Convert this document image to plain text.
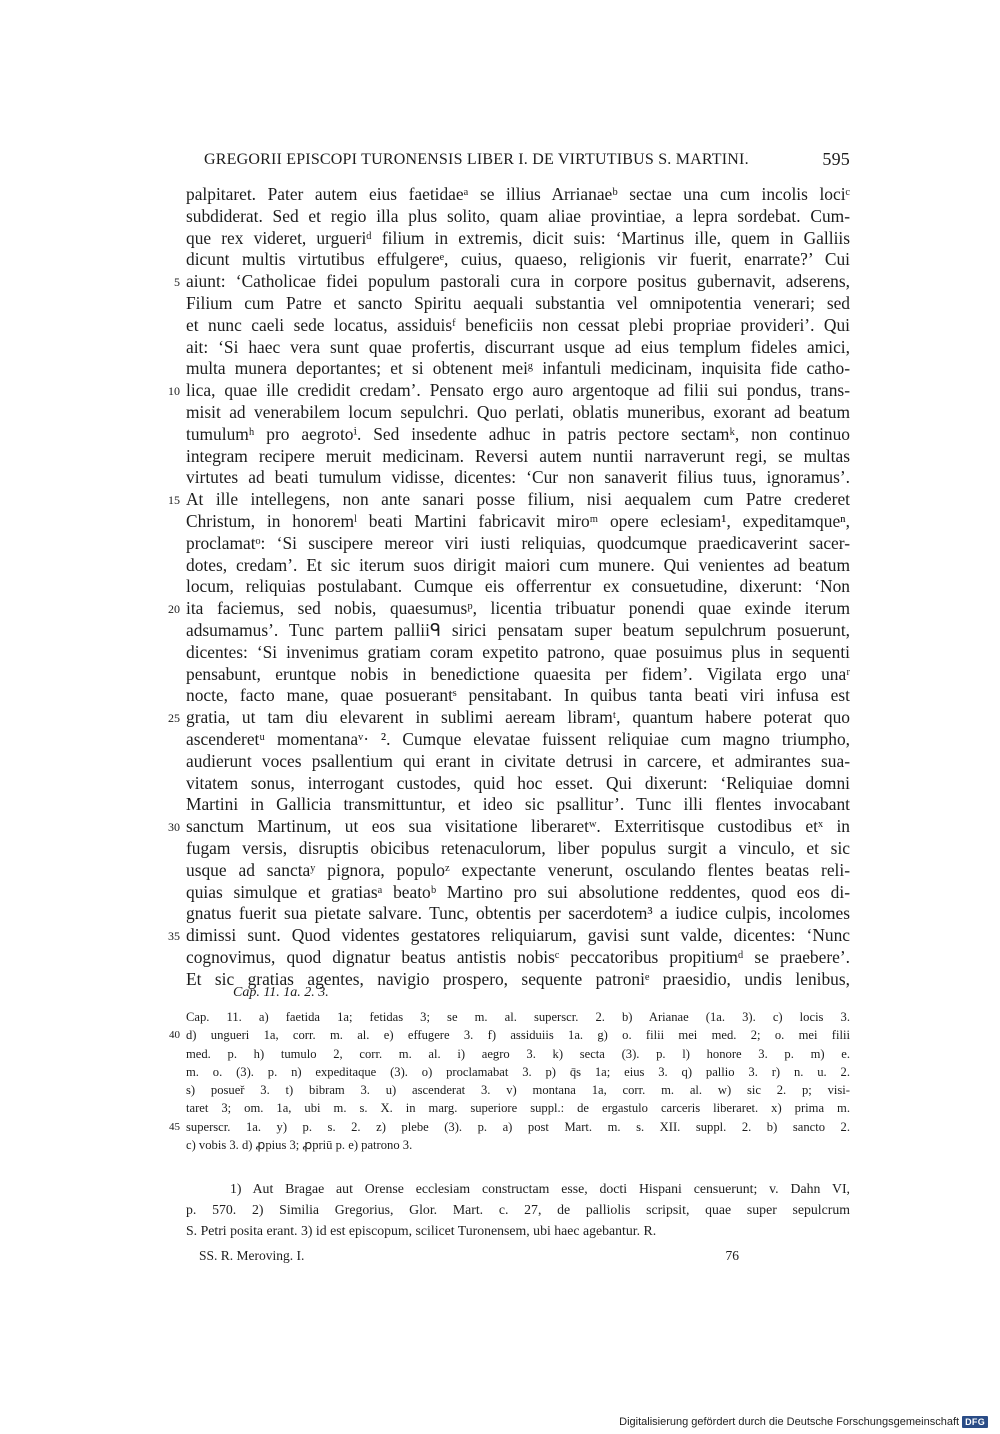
GREGORII EPISCOPI TURONENSIS LIBER I. DE VIRTUTIBUS S. MARTINI.	595
palpitaret. Pater autem eius faetidaeᵃ se illius Arrianaeᵇ sectae una cum incolis lociᶜ
subdiderat. Sed et regio illa plus solito, quam aliae provintiae, a lepra sordebat. Cum-
que rex videret, urgueriᵈ filium in extremis, dicit suis: ‘Martinus ille, quem in Galliis
dicunt multis virtutibus effulgereᵉ, cuius, quaeso, religionis vir fuerit, enarrate?’ Cui
5 aiunt: ‘Catholicae fidei populum pastorali cura in corpore positus gubernavit, adserens,
Filium cum Patre et sancto Spiritu aequali substantia vel omnipotentia venerari; sed
et nunc caeli sede locatus, assiduisᶠ beneficiis non cessat plebi propriae provideri’. Qui
ait: ‘Si haec vera sunt quae profertis, discurrant usque ad eius templum fideles amici,
multa munera deportantes; et si obtenent meiᵍ infantuli medicinam, inquisita fide catho-
10 lica, quae ille credidit credam’. Pensato ergo auro argentoque ad filii sui pondus, trans-
misit ad venerabilem locum sepulchri. Quo perlati, oblatis muneribus, exorant ad beatum
tumulumʰ pro aegrotoⁱ. Sed insedente adhuc in patris pectore sectamᵏ, non continuo
integram recipere meruit medicinam. Reversi autem nuntii narraverunt regi, se multas
virtutes ad beati tumulum vidisse, dicentes: ‘Cur non sanaverit filius tuus, ignoramus’.
15 At ille intellegens, non ante sanari posse filium, nisi aequalem cum Patre crederet
Christum, in honoremˡ beati Martini fabricavit miroᵐ opere eclesiam¹, expeditamqueⁿ,
proclamatᵒ: ‘Si suscipere mereor viri iusti reliquias, quodcumque praedicaverint sacer-
dotes, credam’. Et sic iterum suos dirigit maiori cum munere. Qui venientes ad beatum
locum, reliquias postulabant. Cumque eis offerrentur ex consuetudine, dixerunt: ‘Non
20 ita faciemus, sed nobis, quaesumusᵖ, licentia tribuatur ponendi quae exinde iterum
adsumamus’. Tunc partem palliiᑫ sirici pensatam super beatum sepulchrum posuerunt,
dicentes: ‘Si invenimus gratiam coram expetito patrono, quae posuimus plus in sequenti
pensabunt, eruntque nobis in benedictione quaesita per fidem’. Vigilata ergo unaʳ
nocte, facto mane, quae posuerantˢ pensitabant. In quibus tanta beati viri infusa est
25 gratia, ut tam diu elevarent in sublimi aeream libramᵗ, quantum habere poterat quo
ascenderetᵘ momentanaᵛ· ². Cumque elevatae fuissent reliquiae cum magno triumpho,
audierunt voces psallentium qui erant in civitate detrusi in carcere, et admirantes sua-
vitatem sonus, interrogant custodes, quid hoc esset. Qui dixerunt: ‘Reliquiae domni
Martini in Gallicia transmittuntur, et ideo sic psallitur’. Tunc illi flentes invocabant
30 sanctum Martinum, ut eos sua visitatione liberaretʷ. Exterritisque custodibus etˣ in
fugam versis, disruptis obicibus retenaculorum, liber populus surgit a vinculo, et sic
usque ad sanctaʸ pignora, populoᶻ expectante venerunt, osculando flentes beatas reli-
quias simulque et gratiasᵃ beatoᵇ Martino pro sui absolutione reddentes, quod eos di-
gnatus fuerit sua pietate salvare. Tunc, obtentis per sacerdotem³ a iudice culpis, incolomes
35 dimissi sunt. Quod videntes gestatores reliquiarum, gavisi sunt valde, dicentes: ‘Nunc
cognovimus, quod dignatur beatus antistis nobisᶜ peccatoribus propitiumᵈ se praebere’.
Et sic gratias agentes, navigio prospero, sequente patroniᵉ praesidio, undis lenibus,
Cap. 11. 1a. 2. 3.
Cap. 11. a) faetida 1a; fetidas 3; se m. al. superscr. 2. b) Arianae (1a. 3). c) locis 3.
40 d) ungueri 1a, corr. m. al. e) effugere 3. f) assiduiis 1a. g) o. filii mei med. 2; o. mei filii
med. p. h) tumulo 2, corr. m. al. i) aegro 3. k) secta (3). p. l) honore 3. p. m) e.
m. o. (3). p. n) expeditaque (3). o) proclamabat 3. p) q̄s 1a; eius 3. q) pallio 3. r) n. u. 2.
s) posueř 3. t) bibram 3. u) ascenderat 3. v) montana 1a, corr. m. al. w) sic 2. p; visi-
taret 3; om. 1a, ubi m. s. X. in marg. superiore suppl.: de ergastulo carceris liberaret. x) prima m.
45 superscr. 1a. y) p. s. 2. z) plebe (3). p. a) post Mart. m. s. XII. suppl. 2. b) sancto 2.
c) vobis 3. d) ꝓpius 3; ꝓpriū p. e) patrono 3.
1) Aut Bragae aut Orense ecclesiam constructam esse, docti Hispani censuerunt; v. Dahn VI,
p. 570. 2) Similia Gregorius, Glor. Mart. c. 27, de palliolis scripsit, quae super sepulcrum
S. Petri posita erant. 3) id est episcopum, scilicet Turonensem, ubi haec agebantur. R.
SS. R. Meroving. I.	76
Digitalisierung gefördert durch die Deutsche Forschungsgemeinschaft DFG
